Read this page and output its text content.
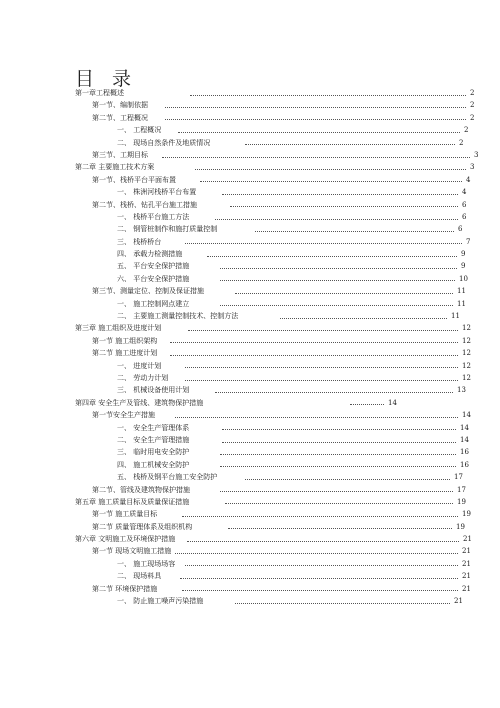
目 录
第一章工程概述	2
第一节、编制依据	2
第二节、工程概况	2
一、 工程概况	2
二、 现场自然条件及地质情况	2
第三节、工期目标	3
第二章 主要施工技术方案	3
第一节、栈桥平台平面布置	4
一、 株洲河栈桥平台布置	4
第二节、栈桥、钻孔平台施工措施	6
一、 栈桥平台施工方法	6
二、 钢管桩制作和施打质量控制	6
三、 栈桥桥台	7
四、 承载力检测措施	9
五、 平台安全保护措施	9
六、 平台安全保护措施	10
第三节、测量定位、控制及保证措施	11
一、 施工控制网点建立	11
二、 主要施工测量控制技术、控制方法	11
第三章 施工组织及进度计划	12
第一节 施工组织架构	12
第二节 施工进度计划	12
一、 进度计划	12
二、 劳动力计划	12
三、 机械设备使用计划	13
第四章 安全生产及管线、建筑物保护措施	14
第一节安全生产措施	14
一、 安全生产管理体系	14
二、 安全生产管理措施	14
三、 临时用电安全防护	16
四、 施工机械安全防护	16
五、 栈桥及钢平台施工安全防护	17
第二节、管线及建筑物保护措施	17
第五章 施工质量目标及质量保证措施	19
第一节 施工质量目标	19
第二节 质量管理体系及组织机构	19
第六章 文明施工及环境保护措施	21
第一节 现场文明施工措施	21
一、 施工现场场容	21
二、 现场料具	21
第二节 环境保护措施	21
一、 防止施工噪声污染措施	21
